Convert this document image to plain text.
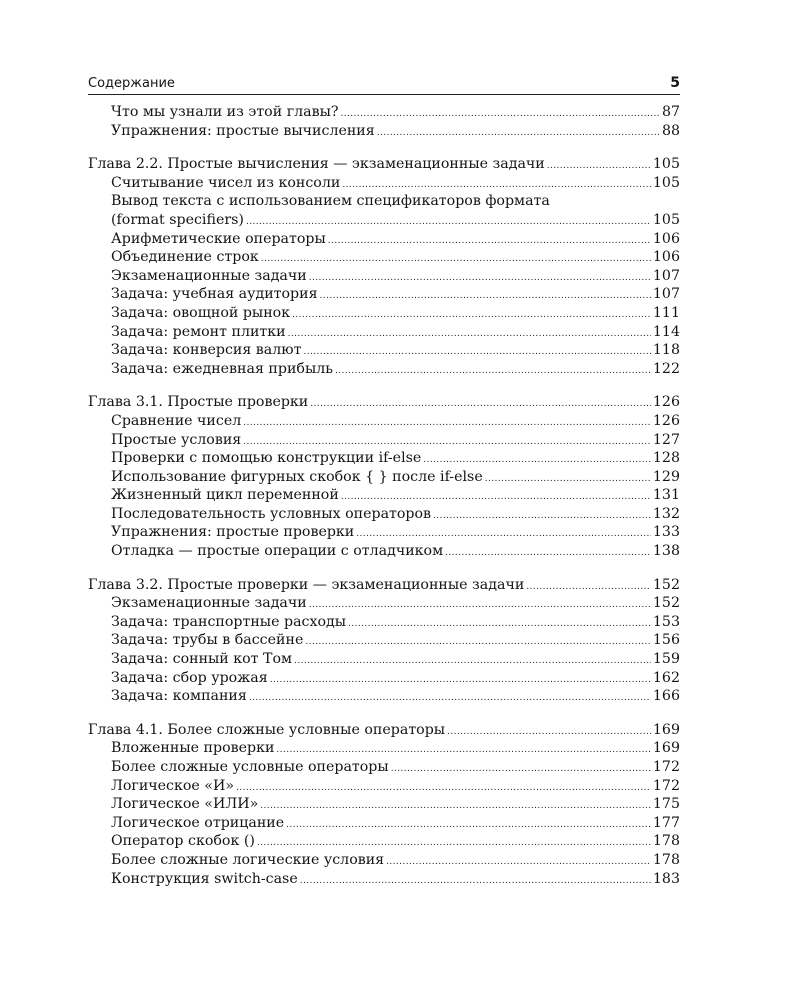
Содержание	5
Что мы узнали из этой главы? .....	87
Упражнения: простые вычисления .....	88
Глава 2.2. Простые вычисления — экзаменационные задачи .....	105
Считывание чисел из консоли .....	105
Вывод текста с использованием спецификаторов формата
(format specifiers) .....	105
Арифметические операторы .....	106
Объединение строк .....	106
Экзаменационные задачи .....	107
Задача: учебная аудитория .....	107
Задача: овощной рынок .....	111
Задача: ремонт плитки .....	114
Задача: конверсия валют .....	118
Задача: ежедневная прибыль .....	122
Глава 3.1. Простые проверки .....	126
Сравнение чисел .....	126
Простые условия .....	127
Проверки с помощью конструкции if-else .....	128
Использование фигурных скобок { } после if-else .....	129
Жизненный цикл переменной .....	131
Последовательность условных операторов .....	132
Упражнения: простые проверки .....	133
Отладка — простые операции с отладчиком .....	138
Глава 3.2. Простые проверки — экзаменационные задачи .....	152
Экзаменационные задачи .....	152
Задача: транспортные расходы .....	153
Задача: трубы в бассейне .....	156
Задача: сонный кот Том .....	159
Задача: сбор урожая .....	162
Задача: компания .....	166
Глава 4.1. Более сложные условные операторы .....	169
Вложенные проверки .....	169
Более сложные условные операторы .....	172
Логическое «И» .....	172
Логическое «ИЛИ» .....	175
Логическое отрицание .....	177
Оператор скобок () .....	178
Более сложные логические условия .....	178
Конструкция switch-case .....	183
